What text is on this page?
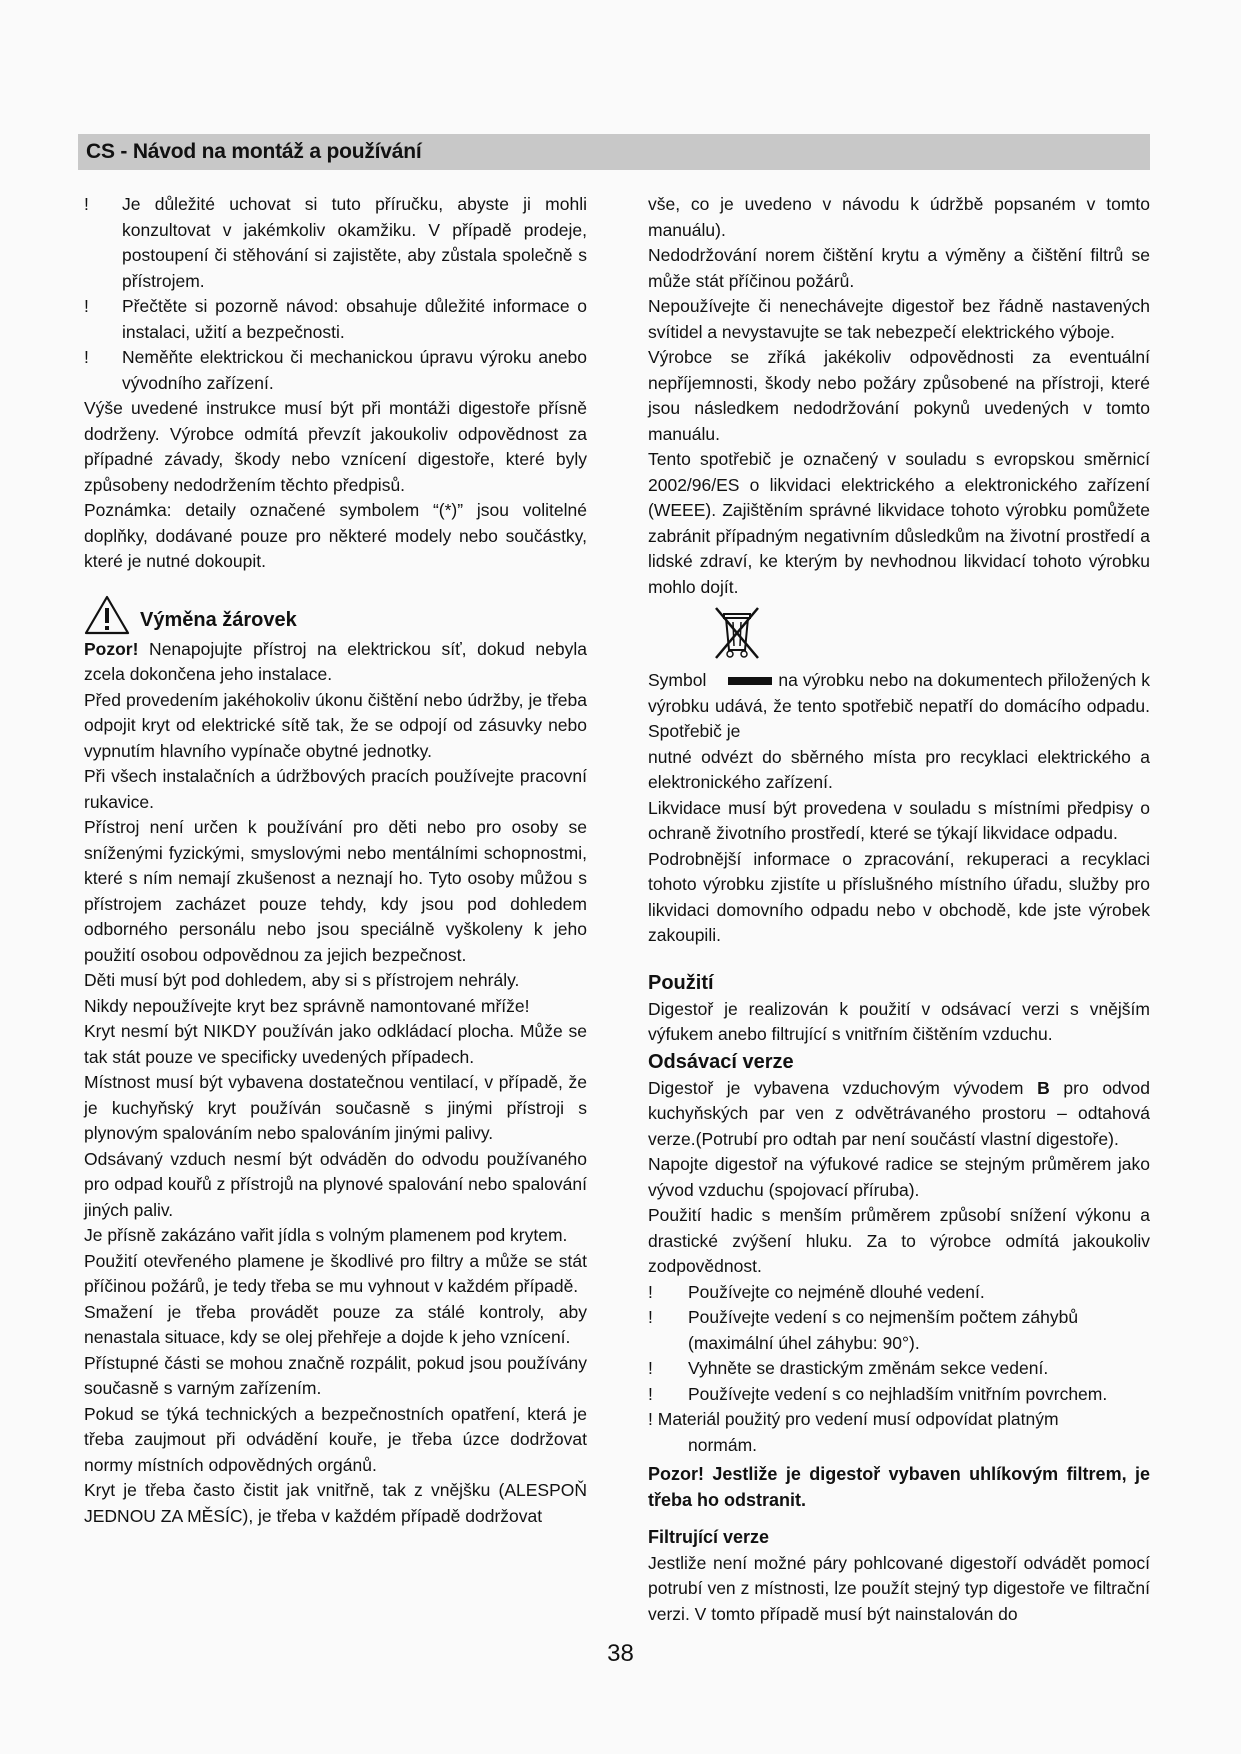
CS - Návod na montáž a používání
!	Je důležité uchovat si tuto příručku, abyste ji mohli konzultovat v jakémkoliv okamžiku. V případě prodeje, postoupení či stěhování si zajistěte, aby zůstala společně s přístrojem.
!	Přečtěte si pozorně návod: obsahuje důležité informace o instalaci, užití a bezpečnosti.
!	Neměňte elektrickou či mechanickou úpravu výroku anebo vývodního zařízení.

Výše uvedené instrukce musí být při montáži digestoře přísně dodrženy. Výrobce odmítá převzít jakoukoliv odpovědnost za případné závady, škody nebo vznícení digestoře, které byly způsobeny nedodržením těchto předpisů.

Poznámka: detaily označené symbolem “(*)” jsou volitelné doplňky, dodávané pouze pro některé modely nebo součástky, které je nutné dokoupit.

Výměna žárovek

Pozor! Nenapojujte přístroj na elektrickou síť, dokud nebyla zcela dokončena jeho instalace.

Před provedením jakéhokoliv úkonu čištění nebo údržby, je třeba odpojit kryt od elektrické sítě tak, že se odpojí od zásuvky nebo vypnutím hlavního vypínače obytné jednotky.

Při všech instalačních a údržbových pracích používejte pracovní rukavice.

Přístroj není určen k používání pro děti nebo pro osoby se sníženými fyzickými, smyslovými nebo mentálními schopnostmi, které s ním nemají zkušenost a neznají ho. Tyto osoby můžou s přístrojem zacházet pouze tehdy, kdy jsou pod dohledem odborného personálu nebo jsou speciálně vyškoleny k jeho použití osobou odpovědnou za jejich bezpečnost.

Děti musí být pod dohledem, aby si s přístrojem nehrály.

Nikdy nepoužívejte kryt bez správně namontované mříže!

Kryt nesmí být NIKDY používán jako odkládací plocha. Může se tak stát pouze ve specificky uvedených případech.

Místnost musí být vybavena dostatečnou ventilací, v případě, že je kuchyňský kryt používán současně s jinými přístroji s plynovým spalováním nebo spalováním jinými palivy.

Odsávaný vzduch nesmí být odváděn do odvodu používaného pro odpad kouřů z přístrojů na plynové spalování nebo spalování jiných paliv.

Je přísně zakázáno vařit jídla s volným plamenem pod krytem.

Použití otevřeného plamene je škodlivé pro filtry a může se stát příčinou požárů, je tedy třeba se mu vyhnout v každém případě.

Smažení je třeba provádět pouze za stálé kontroly, aby nenastala situace, kdy se olej přehřeje a dojde k jeho vznícení.

Přístupné části se mohou značně rozpálit, pokud jsou používány současně s varným zařízením.

Pokud se týká technických a bezpečnostních opatření, která je třeba zaujmout při odvádění kouře, je třeba úzce dodržovat normy místních odpovědných orgánů.

Kryt je třeba často čistit jak vnitřně, tak z vnějšku (ALESPOŇ JEDNOU ZA MĚSÍC), je třeba v každém případě dodržovat

vše, co je uvedeno v návodu k údržbě popsaném v tomto manuálu).

Nedodržování norem čištění krytu a výměny a čištění filtrů se může stát příčinou požárů.

Nepoužívejte či nenechávejte digestoř bez řádně nastavených svítidel a nevystavujte se tak nebezpečí elektrického výboje.

Výrobce se zříká jakékoliv odpovědnosti za eventuální nepříjemnosti, škody nebo požáry způsobené na přístroji, které jsou následkem nedodržování pokynů uvedených v tomto manuálu.

Tento spotřebič je označený v souladu s evropskou směrnicí 2002/96/ES o likvidaci elektrického a elektronického zařízení (WEEE). Zajištěním správné likvidace tohoto výrobku pomůžete zabránit případným negativním důsledkům na životní prostředí a lidské zdraví, ke kterým by nevhodnou likvidací tohoto výrobku mohlo dojít.

Symbol	na výrobku nebo na dokumentech přiložených k výrobku udává, že tento spotřebič nepatří do domácího odpadu. Spotřebič je

nutné odvézt do sběrného místa pro recyklaci elektrického a elektronického zařízení.

Likvidace musí být provedena v souladu s místními předpisy o ochraně životního prostředí, které se týkají likvidace odpadu.

Podrobnější informace o zpracování, rekuperaci a recyklaci tohoto výrobku zjistíte u příslušného místního úřadu, služby pro likvidaci domovního odpadu nebo v obchodě, kde jste výrobek zakoupili.

Použití

Digestoř je realizován k použití v odsávací verzi s vnějším výfukem anebo filtrující s vnitřním čištěním vzduchu.

Odsávací verze

Digestoř je vybavena vzduchovým vývodem B pro odvod kuchyňských par ven z odvětrávaného prostoru – odtahová verze.(Potrubí pro odtah par není součástí vlastní digestoře).

Napojte digestoř na výfukové radice se stejným průměrem jako vývod vzduchu (spojovací příruba).

Použití hadic s menším průměrem způsobí snížení výkonu a drastické zvýšení hluku. Za to výrobce odmítá jakoukoliv zodpovědnost.

!	Používejte co nejméně dlouhé vedení.
!	Používejte vedení s co nejmenším počtem záhybů (maximální úhel záhybu: 90°).
!	Vyhněte se drastickým změnám sekce vedení.
!	Používejte vedení s co nejhladším vnitřním povrchem.
! Materiál použitý pro vedení musí odpovídat platným
normám.

Pozor! Jestliže je digestoř vybaven uhlíkovým filtrem, je třeba ho odstranit.

Filtrující verze

Jestliže není možné páry pohlcované digestoří odvádět pomocí potrubí ven z místnosti, lze použít stejný typ digestoře ve filtrační verzi. V tomto případě musí být nainstalován do

38
